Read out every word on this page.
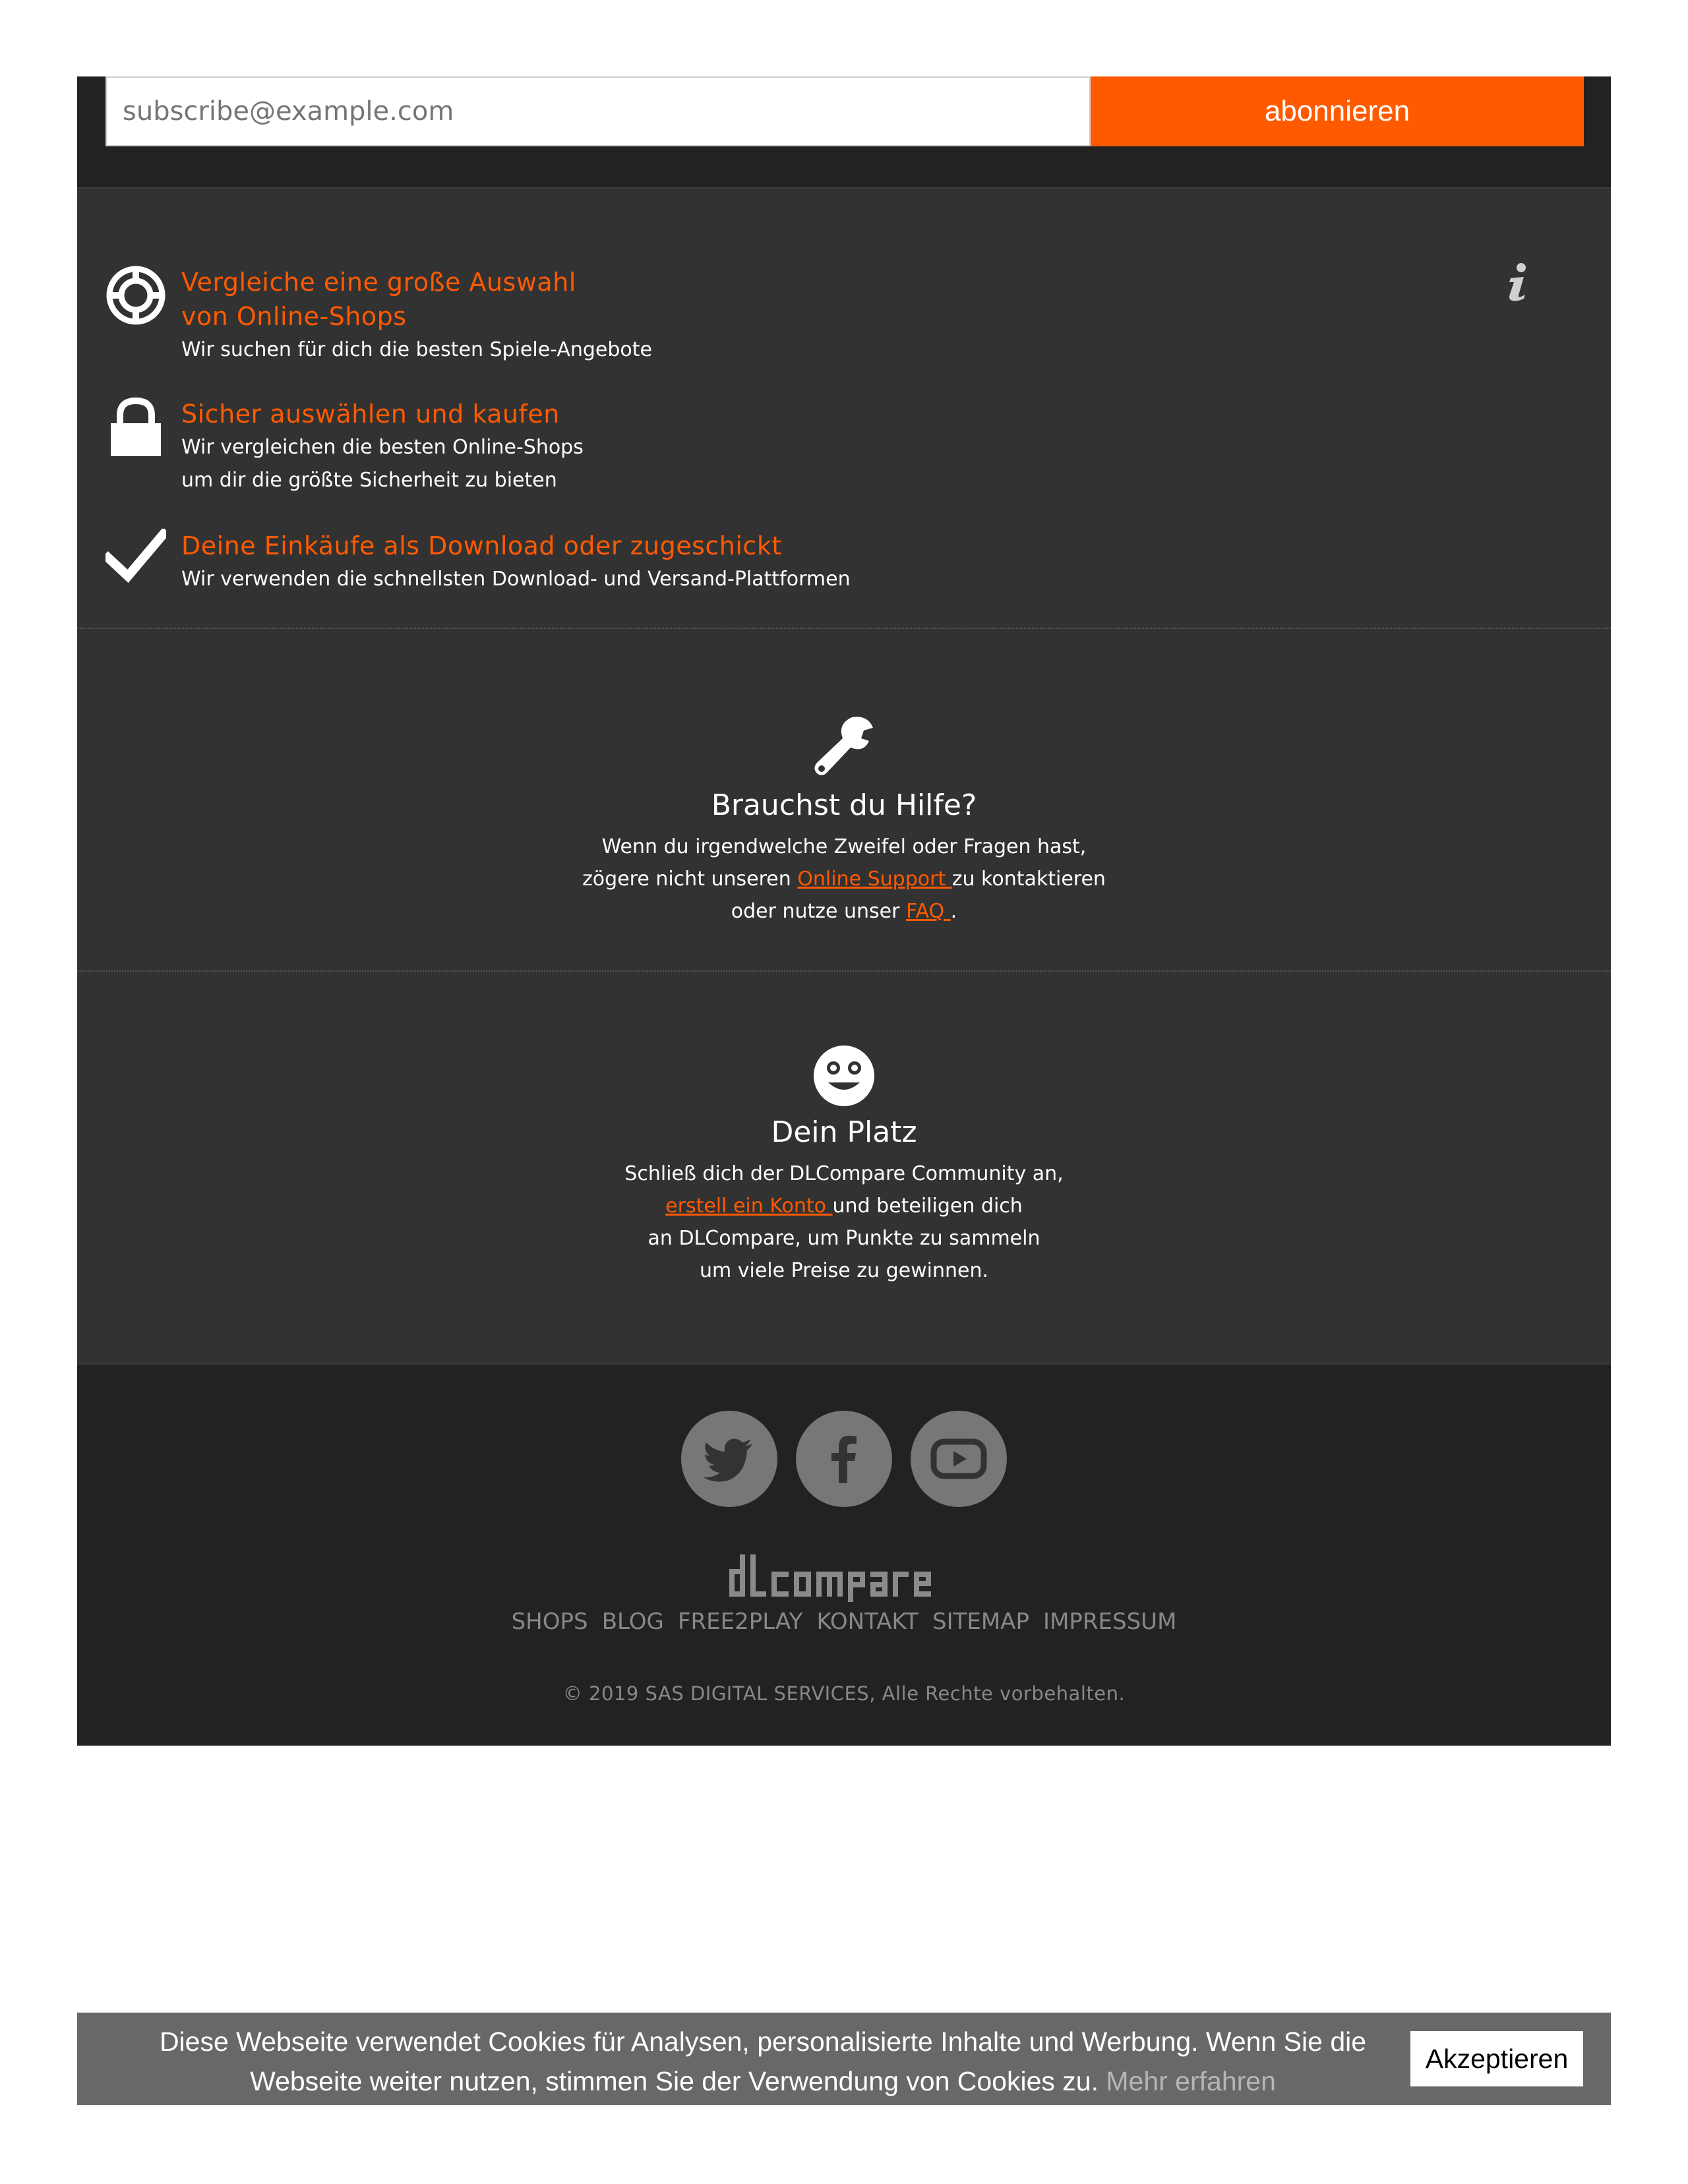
subscribe@example.com
abonnieren
Vergleiche eine große Auswahl
von Online-Shops
Wir suchen für dich die besten Spiele-Angebote
Sicher auswählen und kaufen
Wir vergleichen die besten Online-Shops
um dir die größte Sicherheit zu bieten
Deine Einkäufe als Download oder zugeschickt
Wir verwenden die schnellsten Download- und Versand-Plattformen
Brauchst du Hilfe?
Wenn du irgendwelche Zweifel oder Fragen hast,
zögere nicht unseren Online Support zu kontaktieren
oder nutze unser FAQ .
Dein Platz
Schließ dich der DLCompare Community an,
erstell ein Konto und beteiligen dich
an DLCompare, um Punkte zu sammeln
um viele Preise zu gewinnen.
SHOPS BLOG FREE2PLAY KONTAKT SITEMAP IMPRESSUM
© 2019 SAS DIGITAL SERVICES, Alle Rechte vorbehalten.
Diese Webseite verwendet Cookies für Analysen, personalisierte Inhalte und Werbung. Wenn Sie die
Webseite weiter nutzen, stimmen Sie der Verwendung von Cookies zu. Mehr erfahren
Akzeptieren
